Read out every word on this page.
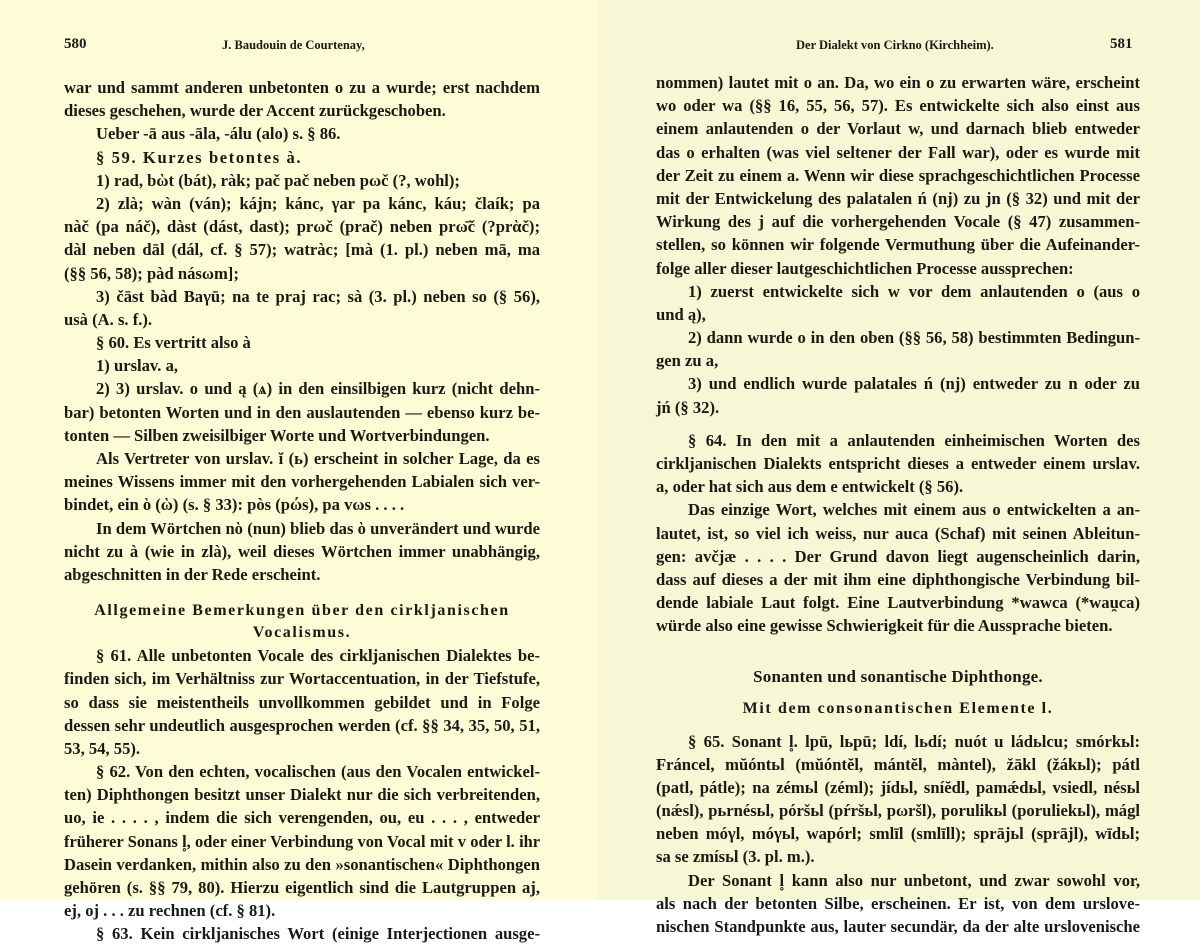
580	J. Baudouin de Courtenay,
war und sammt anderen unbetonten o zu a wurde; erst nachdem
dieses geschehen, wurde der Accent zurückgeschoben.
Ueber -ā aus -āla, -álu (alo) s. § 86.
§ 59. Kurzes betontes à.
1) rad, bὼt (bát), ràk; pač pač neben pωč (?, wohl);
2) zlà; wàn (ván); kájn; kánc, γar pa kánc, káu; člaík; pa
nàč (pa náč), dàst (dást, dast); prωč (prač) neben prω̄č (?prὰč);
dàl neben dāl (dál, cf. § 57); watràc; [mà (1. pl.) neben mā, ma
(§§ 56, 58); pàd násωm];
3) čāst bàd Baγū; na te praj rac; sà (3. pl.) neben so (§ 56),
usà (A. s. f.).
§ 60. Es vertritt also à
1) urslav. a,
2) 3) urslav. o und ą (ѧ) in den einsilbigen kurz (nicht dehn-
bar) betonten Worten und in den auslautenden — ebenso kurz be-
tonten — Silben zweisilbiger Worte und Wortverbindungen.
Als Vertreter von urslav. ĭ (ь) erscheint in solcher Lage, da es
meines Wissens immer mit den vorhergehenden Labialen sich ver-
bindet, ein ὸ (ὼ) (s. § 33): pòs (pώs), pa vωs . . . .
In dem Wörtchen nὸ (nun) blieb das ὸ unverändert und wurde
nicht zu à (wie in zlà), weil dieses Wörtchen immer unabhängig,
abgeschnitten in der Rede erscheint.
Allgemeine Bemerkungen über den cirkljanischen
Vocalismus.
§ 61. Alle unbetonten Vocale des cirkljanischen Dialektes be-
finden sich, im Verhältniss zur Wortaccentuation, in der Tiefstufe,
so dass sie meistentheils unvollkommen gebildet und in Folge
dessen sehr undeutlich ausgesprochen werden (cf. §§ 34, 35, 50, 51,
53, 54, 55).
§ 62. Von den echten, vocalischen (aus den Vocalen entwickel-
ten) Diphthongen besitzt unser Dialekt nur die sich verbreitenden,
uo, ie . . . . , indem die sich verengenden, ou, eu . . . , entweder
früherer Sonans l̥, oder einer Verbindung von Vocal mit v oder l. ihr
Dasein verdanken, mithin also zu den »sonantischen« Diphthongen
gehören (s. §§ 79, 80). Hierzu eigentlich sind die Lautgruppen aj,
ej, oj . . . zu rechnen (cf. § 81).
§ 63. Kein cirkljanisches Wort (einige Interjectionen ausge-
Der Dialekt von Cirkno (Kirchheim).	581
nommen) lautet mit o an. Da, wo ein o zu erwarten wäre, erscheint
wo oder wa (§§ 16, 55, 56, 57). Es entwickelte sich also einst aus
einem anlautenden o der Vorlaut w, und darnach blieb entweder
das o erhalten (was viel seltener der Fall war), oder es wurde mit
der Zeit zu einem a. Wenn wir diese sprachgeschichtlichen Processe
mit der Entwickelung des palatalen ń (nj) zu jn (§ 32) und mit der
Wirkung des j auf die vorhergehenden Vocale (§ 47) zusammen-
stellen, so können wir folgende Vermuthung über die Aufeinander-
folge aller dieser lautgeschichtlichen Processe aussprechen:
1) zuerst entwickelte sich w vor dem anlautenden o (aus o
und ą),
2) dann wurde o in den oben (§§ 56, 58) bestimmten Bedingun-
gen zu a,
3) und endlich wurde palatales ń (nj) entweder zu n oder zu
jń (§ 32).
§ 64. In den mit a anlautenden einheimischen Worten des
cirkljanischen Dialekts entspricht dieses a entweder einem urslav.
a, oder hat sich aus dem e entwickelt (§ 56).
Das einzige Wort, welches mit einem aus o entwickelten a an-
lautet, ist, so viel ich weiss, nur auca (Schaf) mit seinen Ableitun-
gen: avčjæ . . . . Der Grund davon liegt augenscheinlich darin,
dass auf dieses a der mit ihm eine diphthongische Verbindung bil-
dende labiale Laut folgt. Eine Lautverbindung *wawca (*wau̯ca)
würde also eine gewisse Schwierigkeit für die Aussprache bieten.
Sonanten und sonantische Diphthonge.
Mit dem consonantischen Elemente l.
§ 65. Sonant l̥. lpū, lьpū; ldí, lьdí; nuót u ládьlcu; smórkьl:
Fráncel, mŭóntьl (mŭóntĕl, mántĕl, màntel), žākl (žákьl); pátl
(patl, pátle); na zémьl (zéml); jídьl, sníĕdl, pamǽdьl, vsiedl, nésьl
(nǽsl), pьrnésьl, póršьl (pŕršьl, pωršl), porulikьl (poruliekьl), mágl
neben móγl, móγьl, wapórl; smlīl (smlīll); sprājьl (sprājl), wīdьl;
sa se zmísьl (3. pl. m.).
Der Sonant l̥ kann also nur unbetont, und zwar sowohl vor,
als nach der betonten Silbe, erscheinen. Er ist, von dem urslove-
nischen Standpunkte aus, lauter secundär, da der alte urslovenische
